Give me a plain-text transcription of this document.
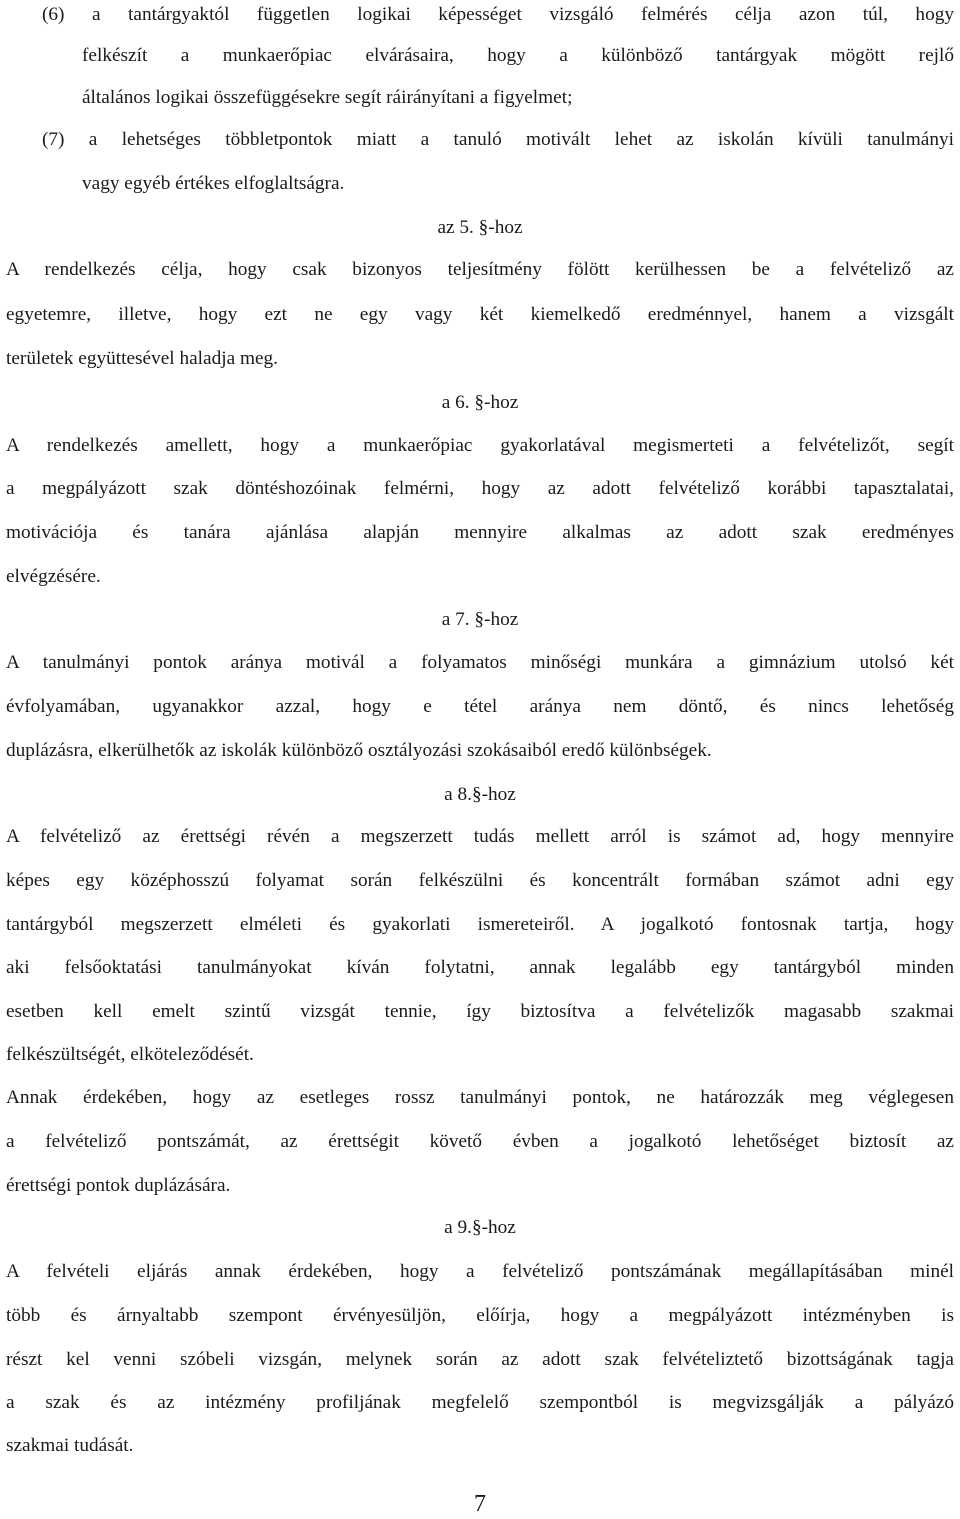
(6) a tantárgyaktól független logikai képességet vizsgáló felmérés célja azon túl, hogy
felkészít a munkaerőpiac elvárásaira, hogy a különböző tantárgyak mögött rejlő
általános logikai összefüggésekre segít ráirányítani a figyelmet;
(7) a lehetséges többletpontok miatt a tanuló motivált lehet az iskolán kívüli tanulmányi
vagy egyéb értékes elfoglaltságra.
az 5. §-hoz
A rendelkezés célja, hogy csak bizonyos teljesítmény fölött kerülhessen be a felvételiző az
egyetemre, illetve, hogy ezt ne egy vagy két kiemelkedő eredménnyel, hanem a vizsgált
területek együttesével haladja meg.
a 6. §-hoz
A rendelkezés amellett, hogy a munkaerőpiac gyakorlatával megismerteti a felvételizőt, segít
a megpályázott szak döntéshozóinak felmérni, hogy az adott felvételiző korábbi tapasztalatai,
motivációja és tanára ajánlása alapján mennyire alkalmas az adott szak eredményes
elvégzésére.
a 7. §-hoz
A tanulmányi pontok aránya motivál a folyamatos minőségi munkára a gimnázium utolsó két
évfolyamában, ugyanakkor azzal, hogy e tétel aránya nem döntő, és nincs lehetőség
duplázásra, elkerülhetők az iskolák különböző osztályozási szokásaiból eredő különbségek.
a 8.§-hoz
A felvételiző az érettségi révén a megszerzett tudás mellett arról is számot ad, hogy mennyire
képes egy középhosszú folyamat során felkészülni és koncentrált formában számot adni egy
tantárgyból megszerzett elméleti és gyakorlati ismereteiről. A jogalkotó fontosnak tartja, hogy
aki felsőoktatási tanulmányokat kíván folytatni, annak legalább egy tantárgyból minden
esetben kell emelt szintű vizsgát tennie, így biztosítva a felvételizők magasabb szakmai
felkészültségét, elköteleződését.
Annak érdekében, hogy az esetleges rossz tanulmányi pontok, ne határozzák meg véglegesen
a felvételiző pontszámát, az érettségit követő évben a jogalkotó lehetőséget biztosít az
érettségi pontok duplázására.
a 9.§-hoz
A felvételi eljárás annak érdekében, hogy a felvételiző pontszámának megállapításában minél
több és árnyaltabb szempont érvényesüljön, előírja, hogy a megpályázott intézményben is
részt kel venni szóbeli vizsgán, melynek során az adott szak felvételiztető bizottságának tagja
a szak és az intézmény profiljának megfelelő szempontból is megvizsgálják a pályázó
szakmai tudását.
7
